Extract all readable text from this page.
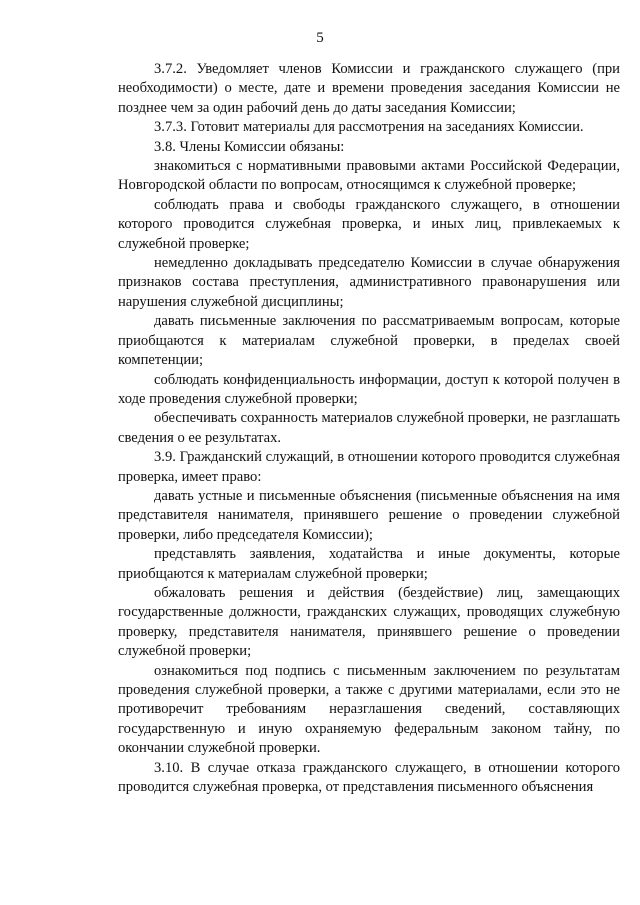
5

3.7.2. Уведомляет членов Комиссии и гражданского служащего (при необходимости) о месте, дате и времени проведения заседания Комиссии не позднее чем за один рабочий день до даты заседания Комиссии;

3.7.3. Готовит материалы для рассмотрения на заседаниях Комиссии.

3.8. Члены Комиссии обязаны:

знакомиться с нормативными правовыми актами Российской Федерации, Новгородской области по вопросам, относящимся к служебной проверке;

соблюдать права и свободы гражданского служащего, в отношении которого проводится служебная проверка, и иных лиц, привлекаемых к служебной проверке;

немедленно докладывать председателю Комиссии в случае обнаружения признаков состава преступления, административного правонарушения или нарушения служебной дисциплины;

давать письменные заключения по рассматриваемым вопросам, которые приобщаются к материалам служебной проверки, в пределах своей компетенции;

соблюдать конфиденциальность информации, доступ к которой получен в ходе проведения служебной проверки;

обеспечивать сохранность материалов служебной проверки, не разглашать сведения о ее результатах.

3.9. Гражданский служащий, в отношении которого проводится служебная проверка, имеет право:

давать устные и письменные объяснения (письменные объяснения на имя представителя нанимателя, принявшего решение о проведении служебной проверки, либо председателя Комиссии);

представлять заявления, ходатайства и иные документы, которые приобщаются к материалам служебной проверки;

обжаловать решения и действия (бездействие) лиц, замещающих государственные должности, гражданских служащих, проводящих служебную проверку, представителя нанимателя, принявшего решение о проведении служебной проверки;

ознакомиться под подпись с письменным заключением по результатам проведения служебной проверки, а также с другими материалами, если это не противоречит требованиям неразглашения сведений, составляющих государственную и иную охраняемую федеральным законом тайну, по окончании служебной проверки.

3.10. В случае отказа гражданского служащего, в отношении которого проводится служебная проверка, от представления письменного объяснения
